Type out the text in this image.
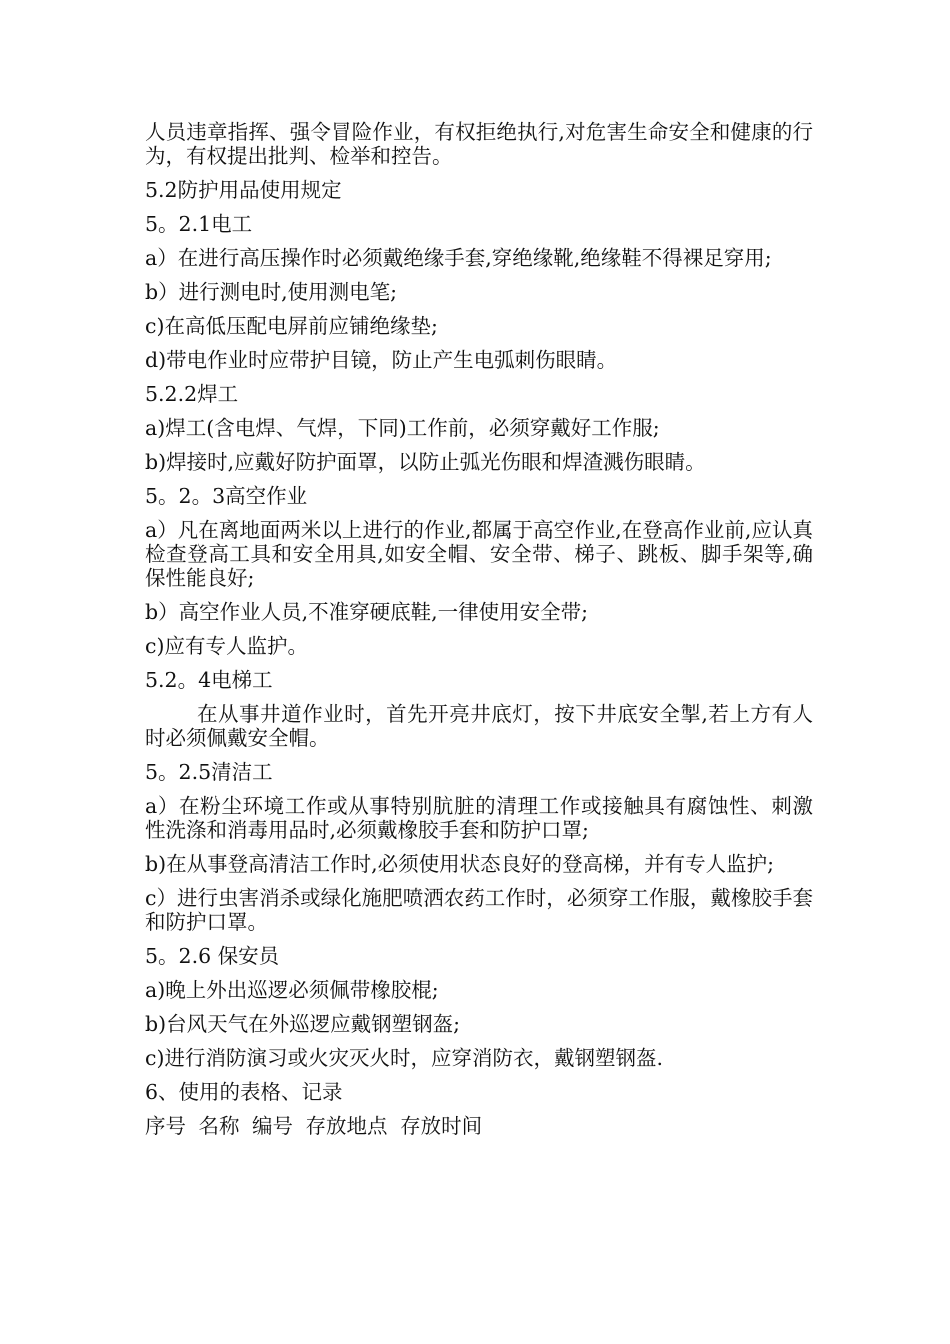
人员违章指挥、强令冒险作业，有权拒绝执行,对危害生命安全和健康的行为，有权提出批判、检举和控告。

5.2防护用品使用规定

5。2.1电工

a）在进行高压操作时必须戴绝缘手套,穿绝缘靴,绝缘鞋不得裸足穿用;

b）进行测电时,使用测电笔;

c)在高低压配电屏前应铺绝缘垫;

d)带电作业时应带护目镜，防止产生电弧刺伤眼睛。

5.2.2焊工

a)焊工(含电焊、气焊，下同)工作前，必须穿戴好工作服;

b)焊接时,应戴好防护面罩，以防止弧光伤眼和焊渣溅伤眼睛。

5。2。3高空作业

a）凡在离地面两米以上进行的作业,都属于高空作业,在登高作业前,应认真检查登高工具和安全用具,如安全帽、安全带、梯子、跳板、脚手架等,确保性能良好;

b）高空作业人员,不准穿硬底鞋,一律使用安全带;

c)应有专人监护。

5.2。4电梯工

在从事井道作业时，首先开亮井底灯，按下井底安全掣,若上方有人时必须佩戴安全帽。

5。2.5清洁工

a）在粉尘环境工作或从事特别肮脏的清理工作或接触具有腐蚀性、刺激性洗涤和消毒用品时,必须戴橡胶手套和防护口罩;

b)在从事登高清洁工作时,必须使用状态良好的登高梯，并有专人监护;

c）进行虫害消杀或绿化施肥喷洒农药工作时，必须穿工作服，戴橡胶手套和防护口罩。

5。2.6 保安员

a)晚上外出巡逻必须佩带橡胶棍;

b)台风天气在外巡逻应戴钢塑钢盔;

c)进行消防演习或火灾灭火时，应穿消防衣，戴钢塑钢盔.

6、使用的表格、记录

序号 名称 编号 存放地点 存放时间
